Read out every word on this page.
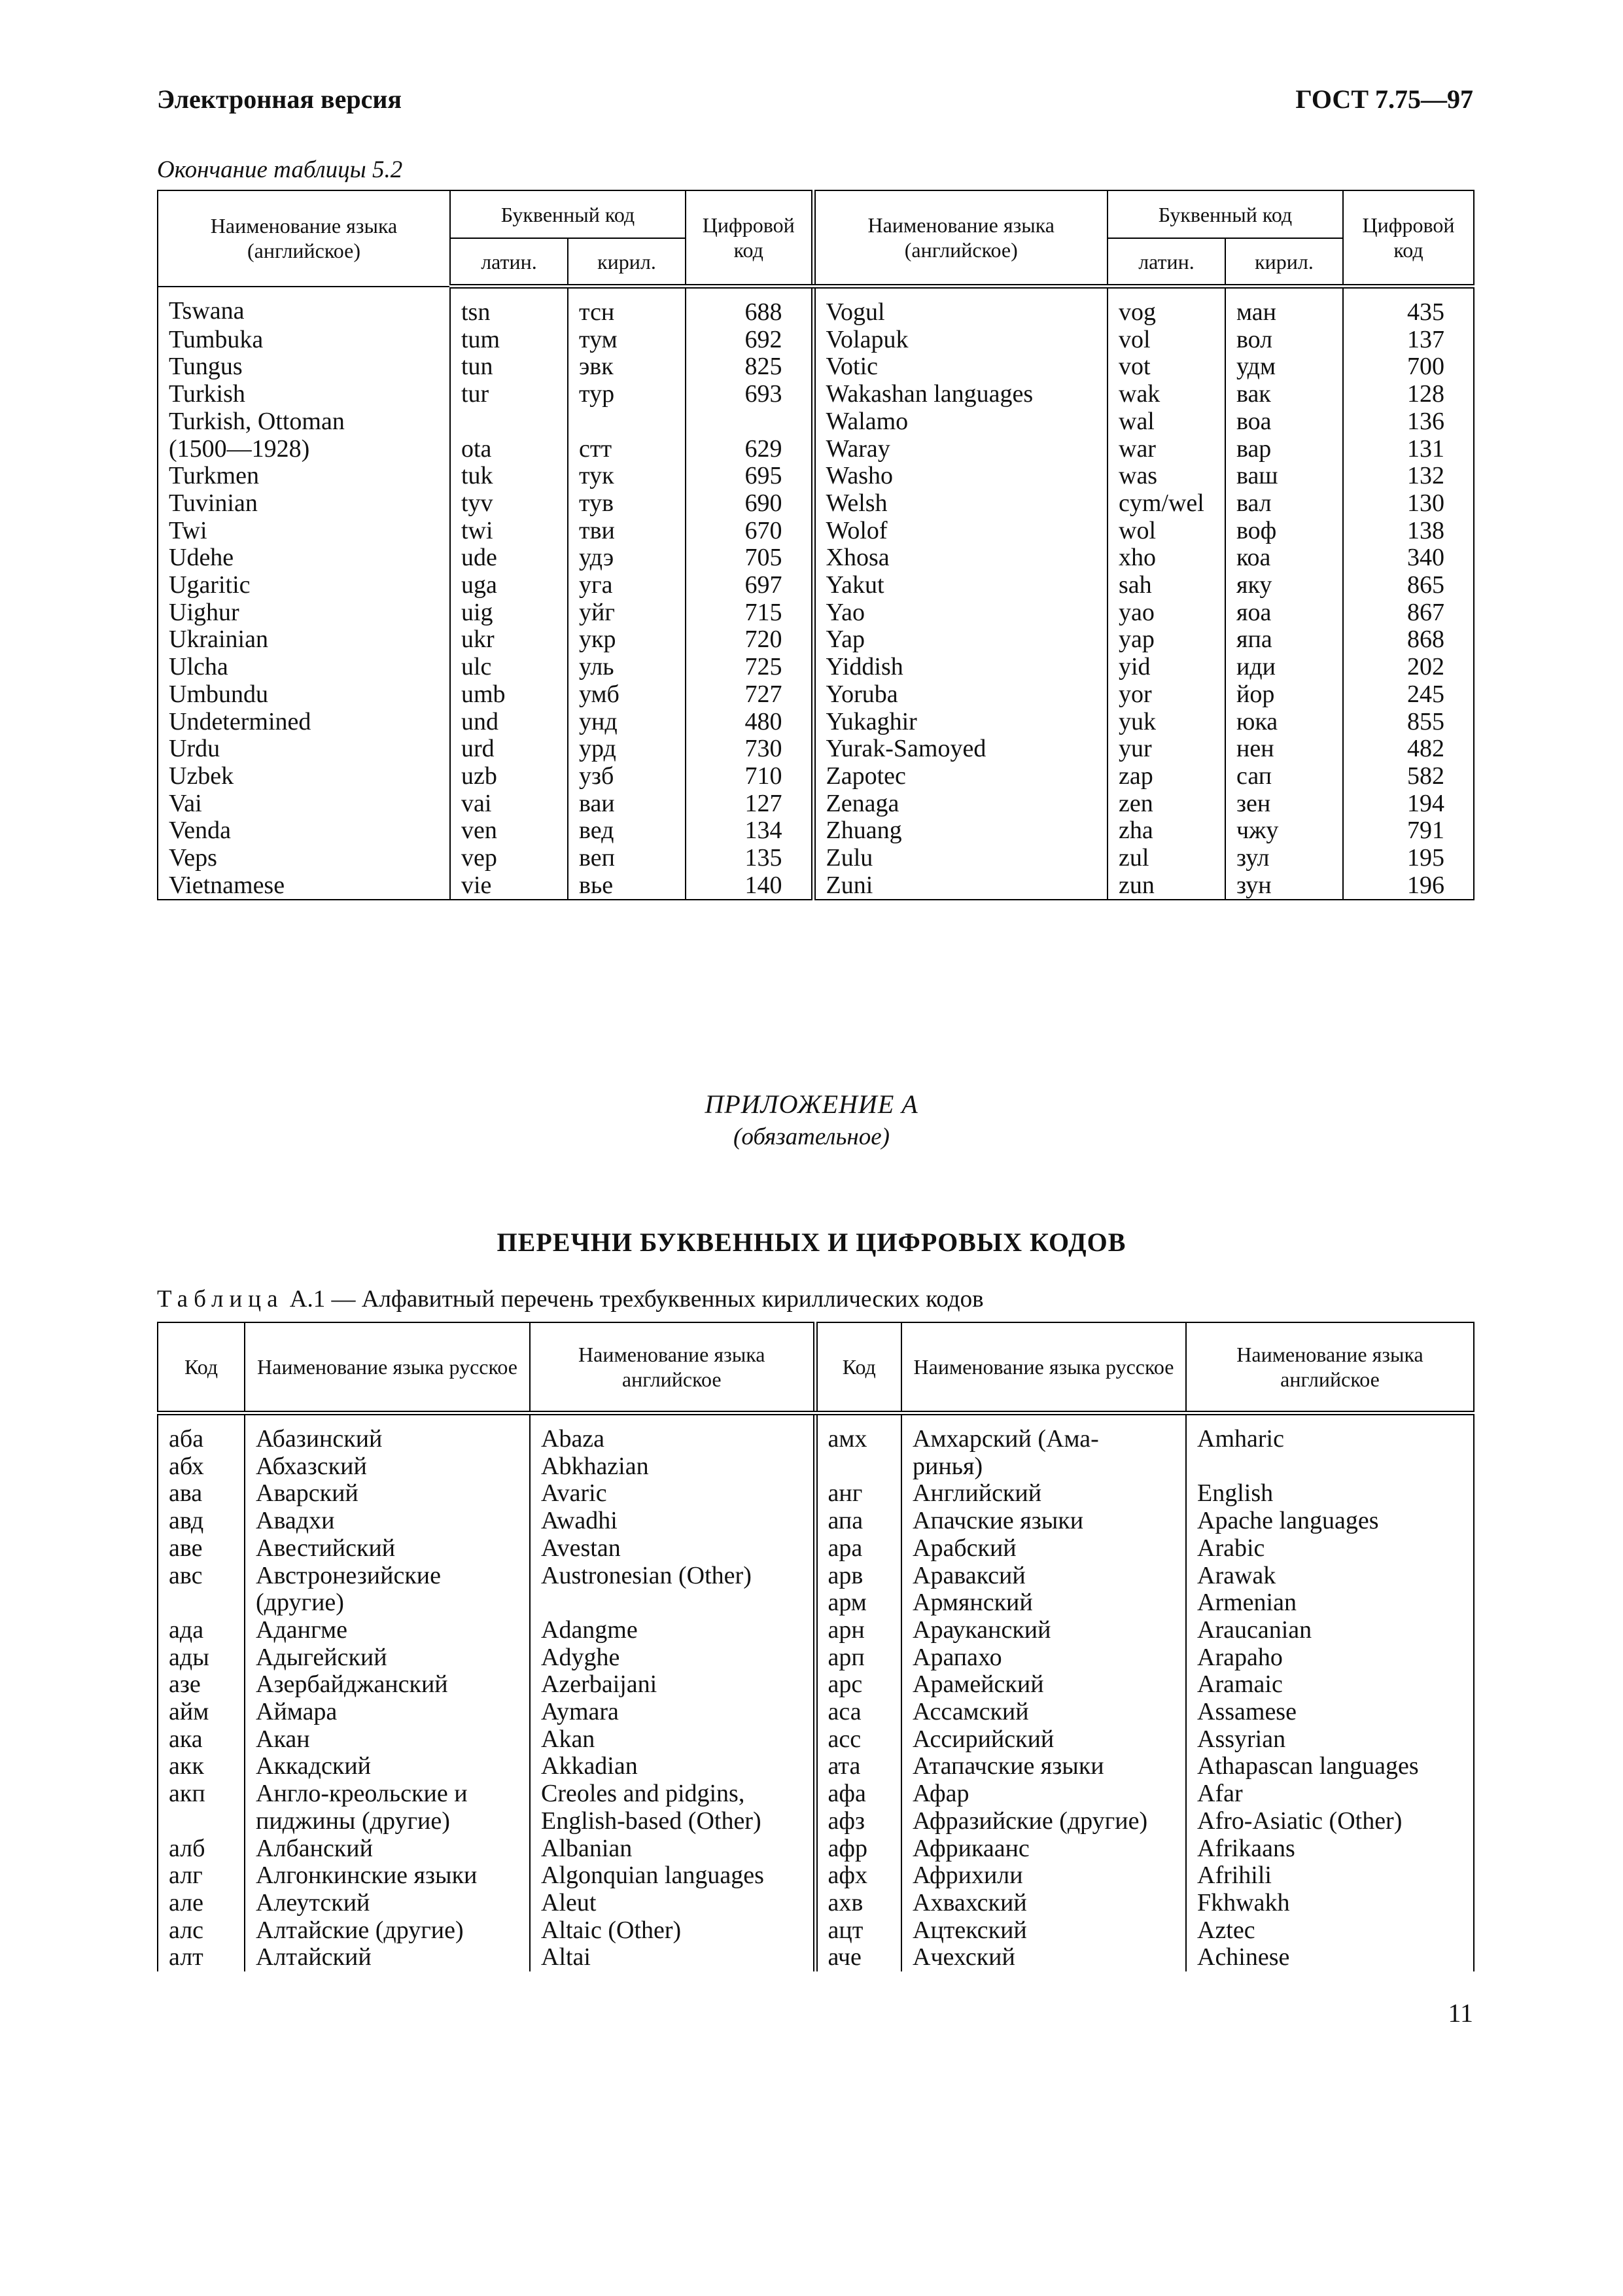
Электронная версия	ГОСТ 7.75—97
Окончание таблицы 5.2
Наименование языка (английское)	Буквенный код		Цифровой код	Наименование языка (английское)	Буквенный код		Цифровой код
	латин.	кирил.			латин.	кирил.	
Tswana	tsn	тсн	688	Vogul	vog	ман	435
Tumbuka	tum	тум	692	Volapuk	vol	вол	137
Tungus	tun	эвк	825	Votic	vot	удм	700
Turkish	tur	тур	693	Wakashan languages	wak	вак	128
Turkish, Ottoman				Walamo	wal	воа	136
(1500—1928)	ota	стт	629	Waray	war	вар	131
Turkmen	tuk	тук	695	Washo	was	ваш	132
Tuvinian	tyv	тув	690	Welsh	cym/wel	вал	130
Twi	twi	тви	670	Wolof	wol	воф	138
Udehe	ude	удэ	705	Xhosa	xho	коа	340
Ugaritic	uga	уга	697	Yakut	sah	яку	865
Uighur	uig	уйг	715	Yao	yao	яоа	867
Ukrainian	ukr	укр	720	Yap	yap	япа	868
Ulcha	ulc	уль	725	Yiddish	yid	иди	202
Umbundu	umb	умб	727	Yoruba	yor	йор	245
Undetermined	und	унд	480	Yukaghir	yuk	юка	855
Urdu	urd	урд	730	Yurak-Samoyed	yur	нен	482
Uzbek	uzb	узб	710	Zapotec	zap	сап	582
Vai	vai	ваи	127	Zenaga	zen	зен	194
Venda	ven	вед	134	Zhuang	zha	чжу	791
Veps	vep	веп	135	Zulu	zul	зул	195
Vietnamese	vie	вье	140	Zuni	zun	зун	196
ПРИЛОЖЕНИЕ А
(обязательное)
ПЕРЕЧНИ БУКВЕННЫХ И ЦИФРОВЫХ КОДОВ
Таблица А.1 — Алфавитный перечень трехбуквенных кириллических кодов
Код	Наименование языка русское	Наименование языка английское	Код	Наименование языка русское	Наименование языка английское
аба	Абазинский	Abaza	амх	Амхарский (Ама-	Amharic
абх	Абхазский	Abkhazian		ринья)	
ава	Аварский	Avaric	анг	Английский	English
авд	Авадхи	Awadhi	апа	Апачские языки	Apache languages
аве	Авестийский	Avestan	ара	Арабский	Arabic
авс	Австронезийские	Austronesian (Other)	арв	Араваксий	Arawak
	(другие)		арм	Армянский	Armenian
ада	Адангме	Adangme	арн	Арауканский	Araucanian
ады	Адыгейский	Adyghe	арп	Арапахо	Arapaho
азе	Азербайджанский	Azerbaijani	арс	Арамейский	Aramaic
айм	Аймара	Aymara	аса	Ассамский	Assamese
ака	Акан	Akan	асс	Ассирийский	Assyrian
акк	Аккадский	Akkadian	ата	Атапачские языки	Athapascan languages
акп	Англо-креольские и	Creoles and pidgins,	афа	Афар	Afar
	пиджины (другие)	English-based (Other)	афз	Афразийские (другие)	Afro-Asiatic (Other)
алб	Албанский	Albanian	афр	Африкаанс	Afrikaans
алг	Алгонкинские языки	Algonquian languages	афх	Африхили	Afrihili
але	Алеутский	Aleut	ахв	Ахвахский	Fkhwakh
алс	Алтайские (другие)	Altaic (Other)	ацт	Ацтекский	Aztec
алт	Алтайский	Altai	аче	Ачехский	Achinese
11
